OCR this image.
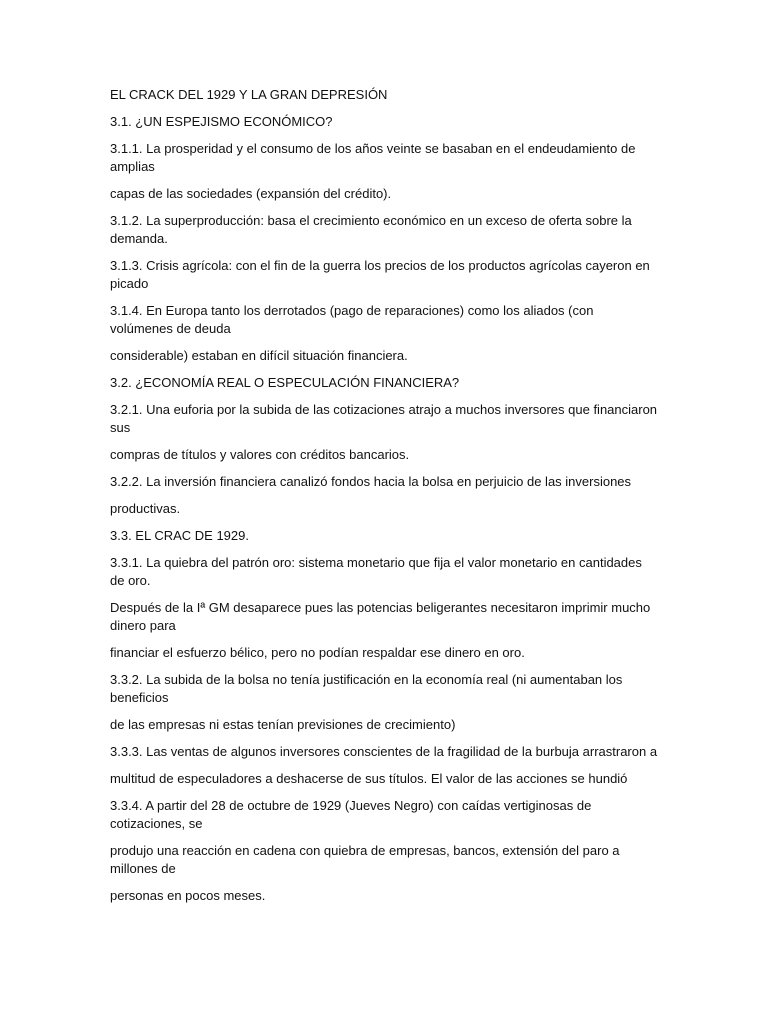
EL CRACK DEL 1929 Y LA GRAN DEPRESIÓN

3.1. ¿UN ESPEJISMO ECONÓMICO?

3.1.1. La prosperidad y el consumo de los años veinte se basaban en el endeudamiento de amplias

capas de las sociedades (expansión del crédito).

3.1.2. La superproducción: basa el crecimiento económico en un exceso de oferta sobre la demanda.

3.1.3. Crisis agrícola: con el fin de la guerra los precios de los productos agrícolas cayeron en picado

3.1.4. En Europa tanto los derrotados (pago de reparaciones) como los aliados (con volúmenes de deuda

considerable) estaban en difícil situación financiera.

3.2. ¿ECONOMÍA REAL O ESPECULACIÓN FINANCIERA?

3.2.1. Una euforia por la subida de las cotizaciones atrajo a muchos inversores que financiaron sus

compras de títulos y valores con créditos bancarios.

3.2.2. La inversión financiera canalizó fondos hacia la bolsa en perjuicio de las inversiones

productivas.

3.3. EL CRAC DE 1929.

3.3.1. La quiebra del patrón oro: sistema monetario que fija el valor monetario en cantidades de oro.

Después de la Iª GM desaparece pues las potencias beligerantes necesitaron imprimir mucho dinero para

financiar el esfuerzo bélico, pero no podían respaldar ese dinero en oro.

3.3.2. La subida de la bolsa no tenía justificación en la economía real (ni aumentaban los beneficios

de las empresas ni estas tenían previsiones de crecimiento)

3.3.3. Las ventas de algunos inversores conscientes de la fragilidad de la burbuja arrastraron a

multitud de especuladores a deshacerse de sus títulos. El valor de las acciones se hundió

3.3.4. A partir del 28 de octubre de 1929 (Jueves Negro) con caídas vertiginosas de cotizaciones, se

produjo una reacción en cadena con quiebra de empresas, bancos, extensión del paro a millones de

personas en pocos meses.
